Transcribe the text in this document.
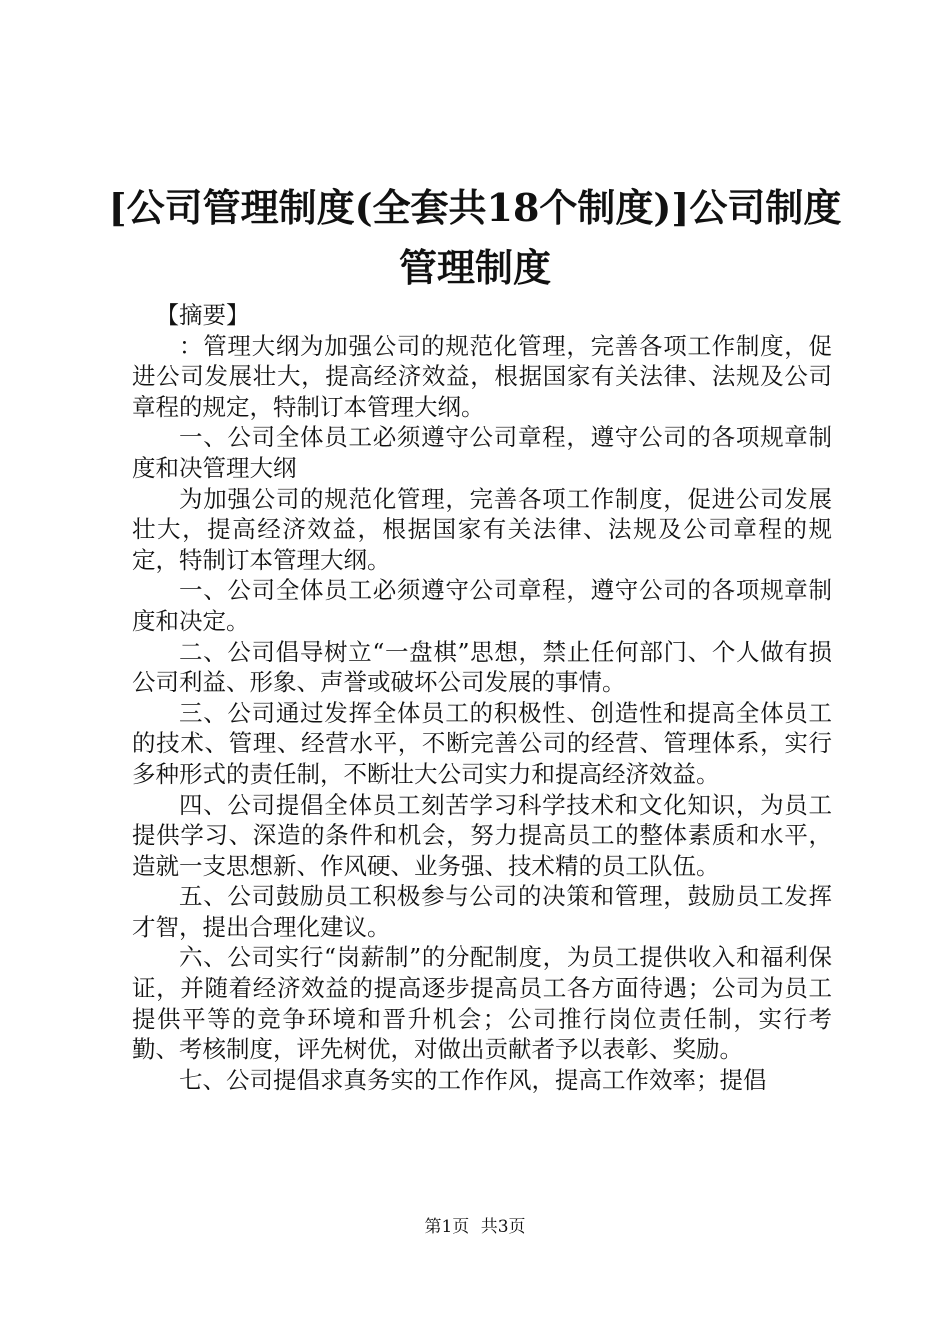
[公司管理制度(全套共18个制度)]公司制度
管理制度

【摘要】

：管理大纲为加强公司的规范化管理，完善各项工作制度，促进公司发展壮大，提高经济效益，根据国家有关法律、法规及公司章程的规定，特制订本管理大纲。

一、公司全体员工必须遵守公司章程，遵守公司的各项规章制度和决管理大纲

为加强公司的规范化管理，完善各项工作制度，促进公司发展壮大，提高经济效益，根据国家有关法律、法规及公司章程的规定，特制订本管理大纲。

一、公司全体员工必须遵守公司章程，遵守公司的各项规章制度和决定。

二、公司倡导树立“一盘棋”思想，禁止任何部门、个人做有损公司利益、形象、声誉或破坏公司发展的事情。

三、公司通过发挥全体员工的积极性、创造性和提高全体员工的技术、管理、经营水平，不断完善公司的经营、管理体系，实行多种形式的责任制，不断壮大公司实力和提高经济效益。

四、公司提倡全体员工刻苦学习科学技术和文化知识，为员工提供学习、深造的条件和机会，努力提高员工的整体素质和水平，造就一支思想新、作风硬、业务强、技术精的员工队伍。

五、公司鼓励员工积极参与公司的决策和管理，鼓励员工发挥才智，提出合理化建议。

六、公司实行“岗薪制”的分配制度，为员工提供收入和福利保证，并随着经济效益的提高逐步提高员工各方面待遇；公司为员工提供平等的竞争环境和晋升机会；公司推行岗位责任制，实行考勤、考核制度，评先树优，对做出贡献者予以表彰、奖励。

七、公司提倡求真务实的工作作风，提高工作效率；提倡

第1页 共3页
